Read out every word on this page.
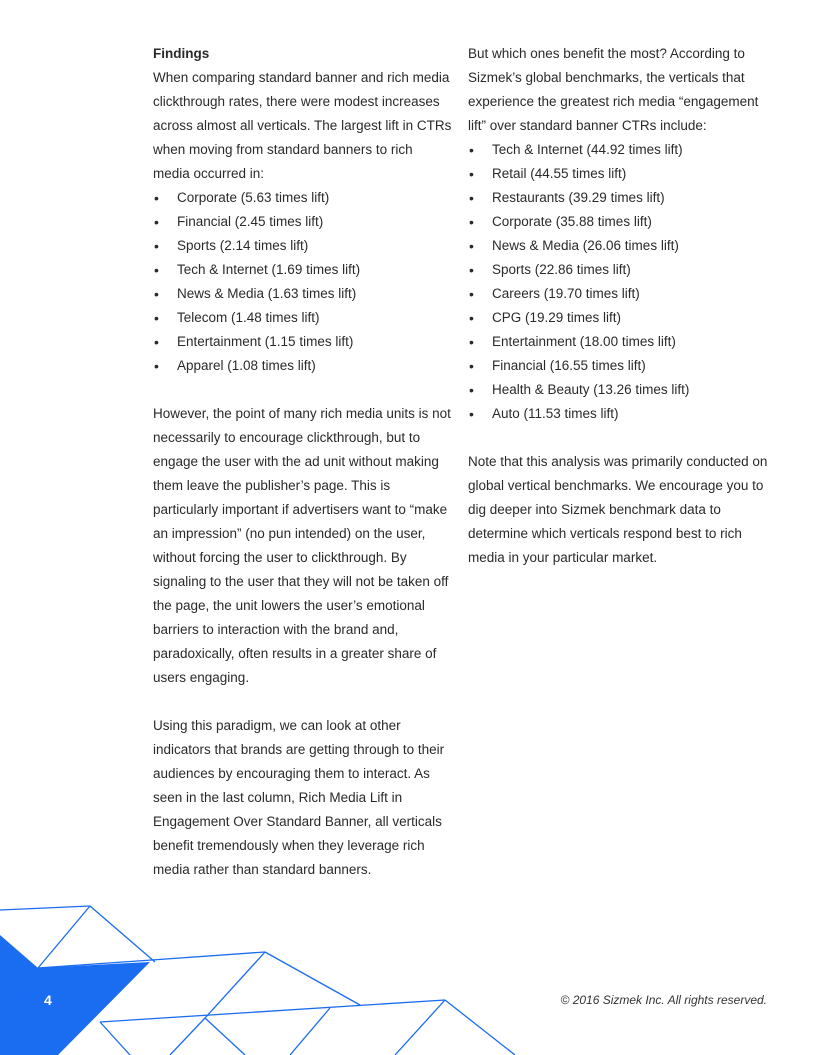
Findings

When comparing standard banner and rich media clickthrough rates, there were modest increases across almost all verticals. The largest lift in CTRs when moving from standard banners to rich media occurred in:

• Corporate (5.63 times lift)
• Financial (2.45 times lift)
• Sports (2.14 times lift)
• Tech & Internet (1.69 times lift)
• News & Media (1.63 times lift)
• Telecom (1.48 times lift)
• Entertainment (1.15 times lift)
• Apparel (1.08 times lift)

However, the point of many rich media units is not necessarily to encourage clickthrough, but to engage the user with the ad unit without making them leave the publisher’s page. This is particularly important if advertisers want to “make an impression” (no pun intended) on the user, without forcing the user to clickthrough. By signaling to the user that they will not be taken off the page, the unit lowers the user’s emotional barriers to interaction with the brand and, paradoxically, often results in a greater share of users engaging.

Using this paradigm, we can look at other indicators that brands are getting through to their audiences by encouraging them to interact. As seen in the last column, Rich Media Lift in Engagement Over Standard Banner, all verticals benefit tremendously when they leverage rich media rather than standard banners.

But which ones benefit the most? According to Sizmek’s global benchmarks, the verticals that experience the greatest rich media “engagement lift” over standard banner CTRs include:

• Tech & Internet (44.92 times lift)
• Retail (44.55 times lift)
• Restaurants (39.29 times lift)
• Corporate (35.88 times lift)
• News & Media (26.06 times lift)
• Sports (22.86 times lift)
• Careers (19.70 times lift)
• CPG (19.29 times lift)
• Entertainment (18.00 times lift)
• Financial (16.55 times lift)
• Health & Beauty (13.26 times lift)
• Auto (11.53 times lift)

Note that this analysis was primarily conducted on global vertical benchmarks. We encourage you to dig deeper into Sizmek benchmark data to determine which verticals respond best to rich media in your particular market.

4	© 2016 Sizmek Inc. All rights reserved.
